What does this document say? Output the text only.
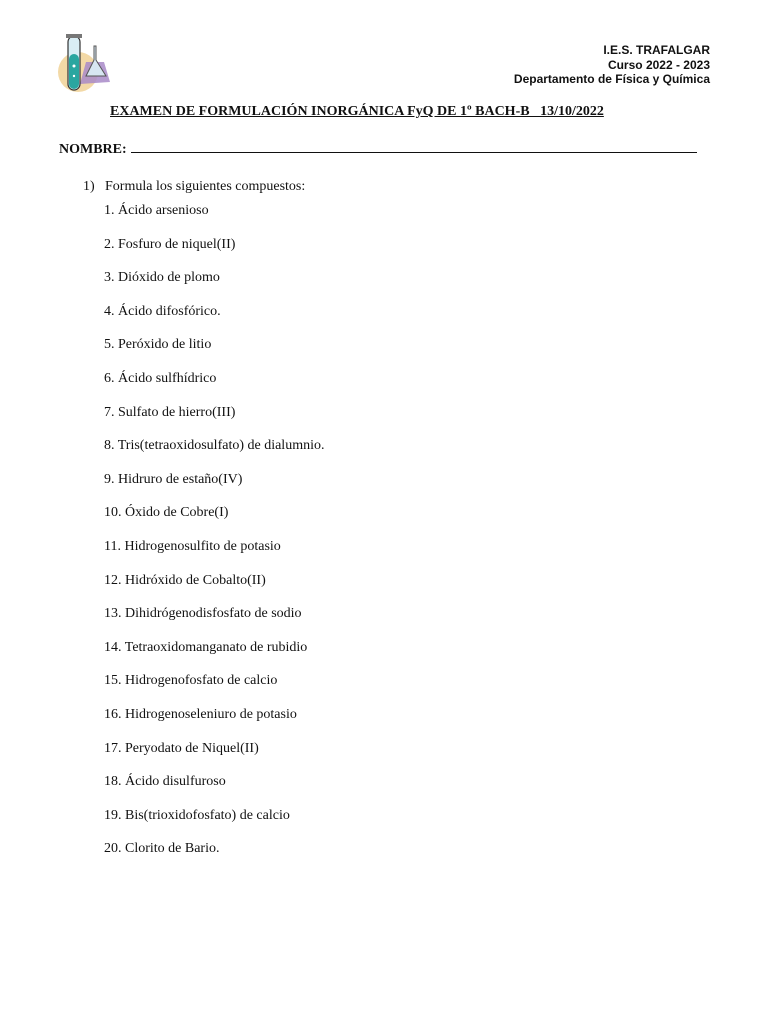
I.E.S. TRAFALGAR
Curso 2022 - 2023
Departamento de Física y Química
EXAMEN DE FORMULACIÓN INORGÁNICA FyQ DE 1º BACH-B   13/10/2022
NOMBRE:
1) Formula los siguientes compuestos:
1. Ácido arsenioso
2. Fosfuro de niquel(II)
3. Dióxido de plomo
4. Ácido difosfórico.
5. Peróxido de litio
6. Ácido sulfhídrico
7. Sulfato de hierro(III)
8. Tris(tetraoxidosulfato) de dialumnio.
9. Hidruro de estaño(IV)
10. Óxido de Cobre(I)
11. Hidrogenosulfito de potasio
12. Hidróxido de Cobalto(II)
13. Dihidrógenodisfosfato de sodio
14. Tetraoxidomanganato de rubidio
15. Hidrogenofosfato de calcio
16. Hidrogenoseleniuro de potasio
17. Peryodato de Niquel(II)
18. Ácido disulfuroso
19. Bis(trioxidofosfato) de calcio
20. Clorito de Bario.
